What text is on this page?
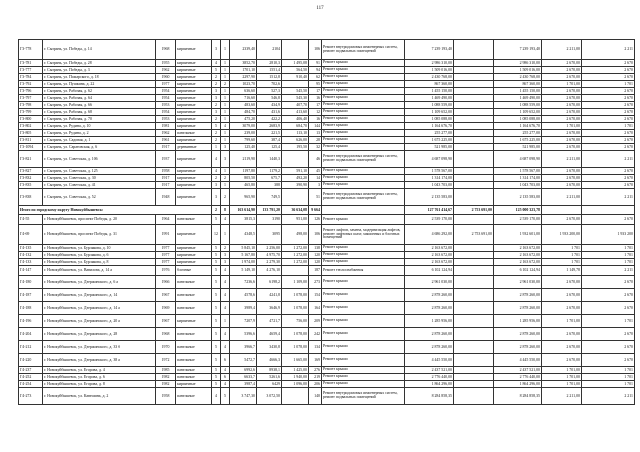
117
Г3-778	г. Сызрань, ул. Победы, д. 14	1968	кирпичные	3	1	2339,40	2104		106	Ремонт внутридомовых инженерных систем, ремонт подвальных помещений	7 239 193,40		7 239 193,40	2 211,00	2 211
Г3-781	г. Сызрань, ул. Победы, д. 28	1955	кирпичные	4	1	3852,70	2810,3	1 495,08	91	Ремонт крыши	2 986 310,00		2 986 310,00	2 670,00	2 670
Г3-777	г. Сызрань, ул. Победы, д. 3	1962	кирпичные	5	1	1701,10	1551,4	564,50	94	Ремонт крыши	1 509 016,00		1 509 016,00	2 670,00	2 670
Г3-784	г. Сызрань, ул. Пожарского, д. 18	1960	кирпичные	2	1	2297,90	1512,8	910,40	62	Ремонт крыши	2 430 768,00		2 430 768,00	2 670,00	2 670
Г3-792	г. Сызрань, ул. Пушкина, д. 22	1977	кирпичные	2	2	1023,70	702,6		95	Ремонт крыши	867 360,00		867 360,00	1 701,00	1 701
Г3-796	г. Сызрань, ул. Рабочая, д. 62	1954	кирпичные	3	1	636,60	527,3	545,50	17	Ремонт крыши	1 455 150,00		1 455 150,00	2 670,00	2 670
Г3-797	г. Сызрань, ул. Рабочая, д. 64	1954	кирпичные	3	1	716,60	546,8	545,30	16	Ремонт крыши	1 469 490,00		1 469 490,00	2 670,00	2 670
Г3-798	г. Сызрань, ул. Рабочая, д. 66	1953	кирпичные	2	1	483,60	434,9	407,70	17	Ремонт крыши	1 088 559,00		1 088 559,00	2 670,00	2 670
Г3-799	г. Сызрань, ул. Рабочая, д. 68	1954	кирпичные	3	1	484,70	431,6	413,60	12	Ремонт крыши	1 109 652,00		1 109 652,00	2 670,00	2 670
Г3-800	г. Сызрань, ул. Рабочая, д. 70	1953	кирпичные	2	1	475,20	422,2	406,40	16	Ремонт крыши	1 085 088,00		1 085 088,00	2 670,00	2 670
Г3-802	г. Сызрань, ул. Рудина, д. 10	1981	кирпичные	5	4	3079,00	2683,9	684,70	144	Ремонт крыши	1 164 676,70		1 164 676,70	1 701,00	1 701
Г3-805	г. Сызрань, ул. Рудина, д. 2	1962	панельные	2	1	239,00	221,5	113,10	13	Ремонт крыши	255 277,00		255 277,00	2 670,00	2 670
Г3-811	г. Сызрань, ул. Садовая, д. 1	1961	кирпичные	2	1	799,60	387,4	626,00	28	Ремонт крыши	1 675 225,00		1 675 225,00	2 670,00	2 670
Г3-1094	г. Сызрань, ул. Саратовская, д. 6	1917	деревянные	1	3	125,40	125,4	195,50	32	Ремонт крыши	521 985,00		521 985,00	2 670,00	2 670
Г3-821	г. Сызрань, ул. Советская, д. 106	1937	кирпичные	4	3	2119,90	1440,3		46	Ремонт внутридомовых инженерных систем, ремонт подвальных помещений	4 687 098,90		4 687 098,90	2 211,00	2 211
Г3-827	г. Сызрань, ул. Советская, д. 125	1958	кирпичные	4	1	1197,80	1179,2	591,10	45	Ремонт крыши	1 578 567,00		1 578 567,00	2 670,00	2 670
Г3-832	г. Сызрань, ул. Советская, д. 30	1917	кирпичные	2	2	805,50	675,7	492,20	14	Ремонт крыши	1 314 174,00		1 314 174,00	2 670,00	2 670
Г3-835	г. Сызрань, ул. Советская, д. 41	1917	кирпичные	3	1	465,80	388	390,90	3	Ремонт крыши	1 043 703,00		1 043 703,00	2 670,00	2 670
Г3-838	г. Сызрань, ул. Советская, д. 52	1948	кирпичные	3	2	965,90	749,5		51	Ремонт внутридомовых инженерных систем, ремонт подвальных помещений	2 135 583,00		2 135 583,00	2 211,00	2 211
Итого по городскому округу Новокуйбышевск:				2	8	163 614,90	133 791,20	36 634,08	9 664		127 761 414,67	2 753 691,00	125 000 323,78		
Г4-55	г. Новокуйбышевск, проспект Победы, д. 20	1964	панельные	5	4	3815,3	3190	951,00	126	Ремонт крыши	2 539 170,00		2 539 170,00	2 670,00	2 670
Г4-69	г. Новокуйбышевск, проспект Победы, д. 31	1991	кирпичные	12	1	4348,5	3095	498,00	106	Ремонт лифтов, замена, модернизация лифтов, ремонт лифтовых шахт, машинных и блочных помещений	4 686 292,00	2 753 691,00	1 932 601,00	1 933 200,00	1 933 200
Г4-135	г. Новокуйбышевск, ул. Бурлякова, д. 10	1977	кирпичные	5	2	5 845,10	2 256,00	1 272,00	138	Ремонт крыши	2 163 672,00		2 163 672,00	1 701	1 701
Г4-132	г. Новокуйбышевск, ул. Бурлякова, д. 6	1977	кирпичные	5	3	5 167,80	4 975,70	1 272,00	120	Ремонт крыши	2 163 672,00		2 163 672,00	1 701	1 701
Г4-133	г. Новокуйбышевск, ул. Бурлякова, д. 8	1977	кирпичные	5	3	1 974,00	2 279,30	1 272,00	120	Ремонт крыши	2 163 672,00		2 163 672,00	1 701	1 701
Г4-147	г. Новокуйбышевск, ул. Вавилова, д. 14 а	1976	блочные	5	4	5 149,10	4 276,10		187	Ремонт теплоснабжения	6 102 124,94		6 102 124,94	1 149,78	2 211
Г4-180	г. Новокуйбышевск, ул. Дзержинского, д. 6 а	1966	панельные	5	4	7236,6	6198,2	1 109,00	273	Ремонт крыши	2 961 030,00		2 961 030,00	2 670,00	2 670
Г4-187	г. Новокуйбышевск, ул. Дзержинского, д. 14	1967	панельные	5	4	4578,6	4241,8	1 078,00	154	Ремонт крыши	2 878 260,00		2 878 260,00	2 670,00	2 670
Г4-188	г. Новокуйбышевск, ул. Дзержинского, д. 14 а	1969	панельные	5	4	3989,4	3646,9	1 078,00	164	Ремонт крыши	2 878 260,00		2 878 260,00	2 670,00	2 670
Г4-196	г. Новокуйбышевск, ул. Дзержинского, д. 20 а	1967	кирпичные	5	1	7207,9	4721,7	756,00	209	Ремонт крыши	1 285 956,00		1 285 956,00	1 701,00	1 701
Г4-204	г. Новокуйбышевск, ул. Дзержинского, д. 28	1968	панельные	5	4	5396,6	4659,4	1 078,00	242	Ремонт крыши	2 878 260,00		2 878 260,00	2 670,00	2 670
Г4-212	г. Новокуйбышевск, ул. Дзержинского, д. 33 б	1970	панельные	5	4	3966,7	3430,8	1 078,00	134	Ремонт крыши	2 878 260,00		2 878 260,00	2 670,00	2 670
Г4-220	г. Новокуйбышевск, ул. Дзержинского, д. 38 а	1972	панельные	5	6	5472,7	4666,3	1 665,00	169	Ремонт крыши	4 445 550,00		4 445 550,00	2 670,00	2 670
Г4-237	г. Новокуйбышевск, ул. Егорова, д. 4	1985	панельные	5	4	6992,6	8938,1	1 425,00	276	Ремонт крыши	2 437 521,00		2 437 521,00	1 701,00	1 701
Г4-252	г. Новокуйбышевск, ул. Егорова, д. 6	1982	панельные	5	6	6633,7	5261,6	1 940,00	219	Ремонт крыши	2 776 440,00		2 776 440,00	1 701,00	1 701
Г4-254	г. Новокуйбышевск, ул. Егорова, д. 8	1982	кирпичные	5	4	3987,4	6429	1 096,00	206	Ремонт крыши	1 864 296,00		1 864 296,00	1 701,00	1 701
Г4-273	г. Новокуйбышевск, ул. Кавешина, д. 2	1958	панельные	4	5	3 747,30	3 072,50		140	Ремонт внутридомовых инженерных систем, ремонт подвальных помещений	8 284 858,35		8 284 858,35	2 211,00	2 211
